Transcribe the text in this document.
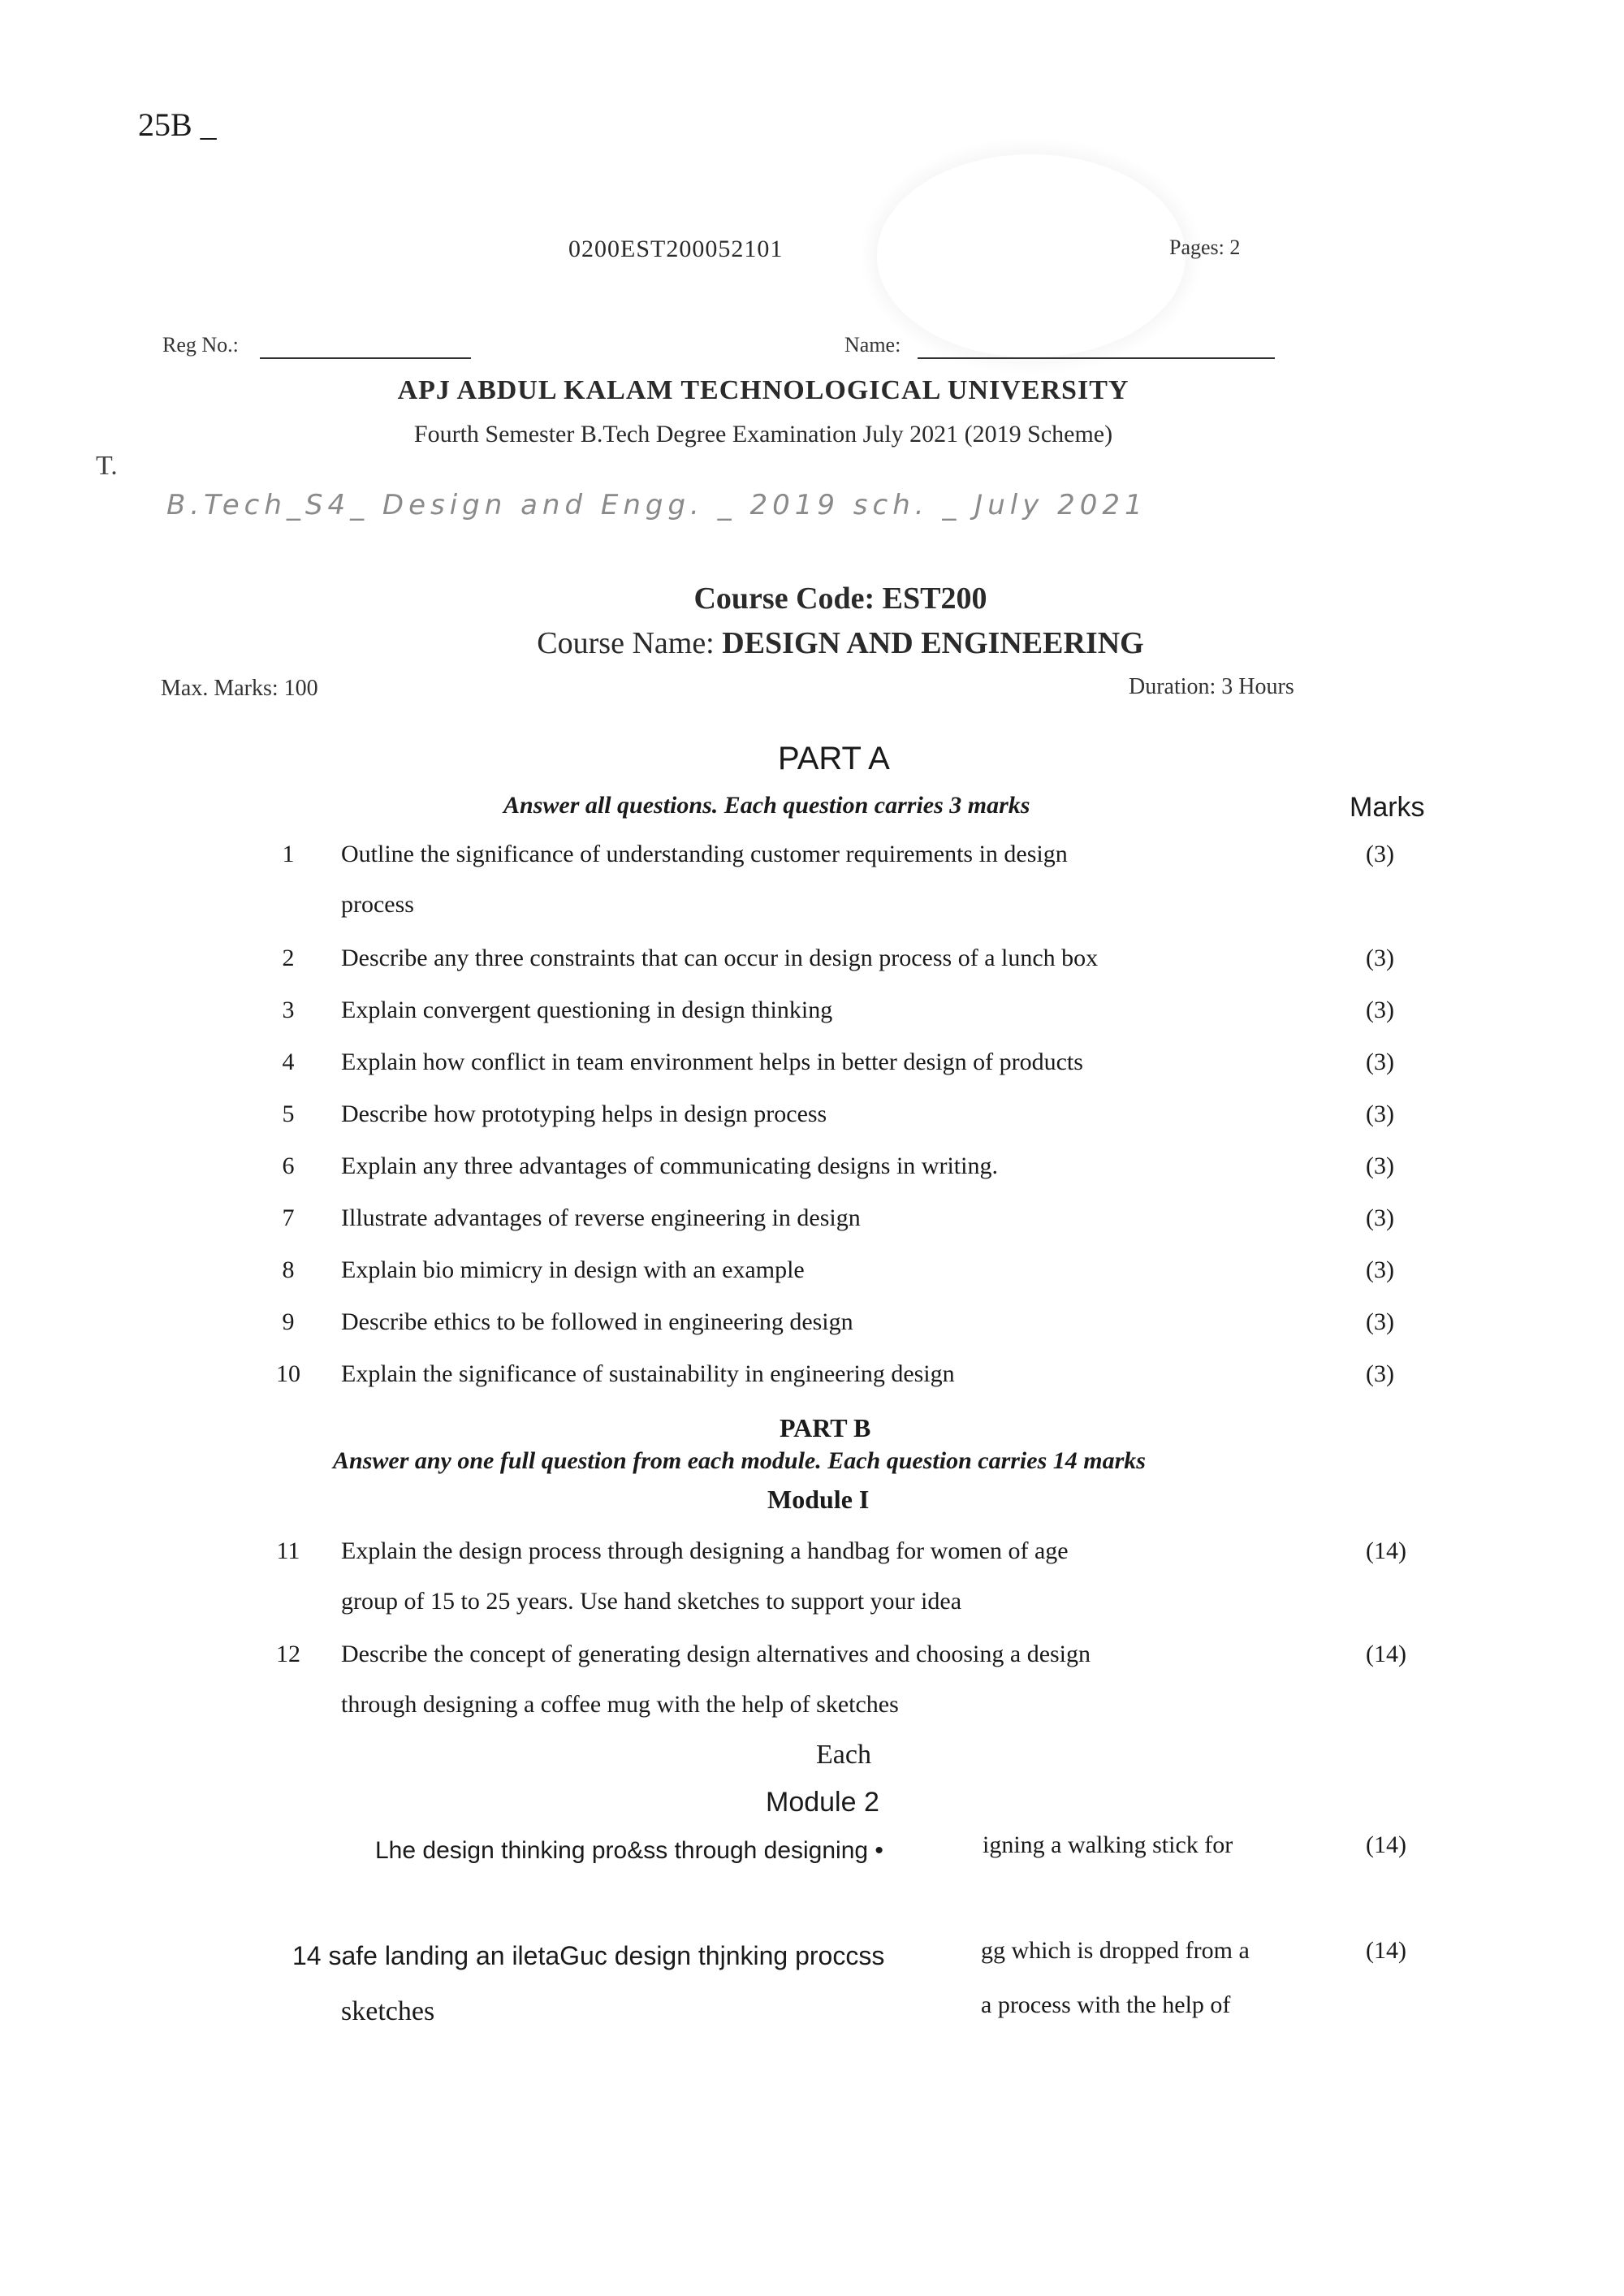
25B _
0200EST200052101	Pages: 2
Reg No.:	Name:
APJ ABDUL KALAM TECHNOLOGICAL UNIVERSITY
Fourth Semester B.Tech Degree Examination July 2021 (2019 Scheme)
T.
B.Tech_S4_ Design and Engg. _ 2019 sch. _ July 2021
Course Code: EST200
Course Name: DESIGN AND ENGINEERING
Max. Marks: 100	Duration: 3 Hours
PART A
Answer all questions. Each question carries 3 marks	Marks
1	Outline the significance of understanding customer requirements in design	(3)
process
2	Describe any three constraints that can occur in design process of a lunch box	(3)
3	Explain convergent questioning in design thinking	(3)
4	Explain how conflict in team environment helps in better design of products	(3)
5	Describe how prototyping helps in design process	(3)
6	Explain any three advantages of communicating designs in writing.	(3)
7	Illustrate advantages of reverse engineering in design	(3)
8	Explain bio mimicry in design with an example	(3)
9	Describe ethics to be followed in engineering design	(3)
10	Explain the significance of sustainability in engineering design	(3)
PART B
Answer any one full question from each module. Each question carries 14 marks
Module I
11	Explain the design process through designing a handbag for women of age	(14)
group of 15 to 25 years. Use hand sketches to support your idea
12	Describe the concept of generating design alternatives and choosing a design	(14)
through designing a coffee mug with the help of sketches
Each
Module 2
Lhe design thinking pro&ss through designing •	igning a walking stick for	(14)
14 safe landing an iletaGuc design thjnking proccss	gg which is dropped from a	(14)
a process with the help of
sketches
